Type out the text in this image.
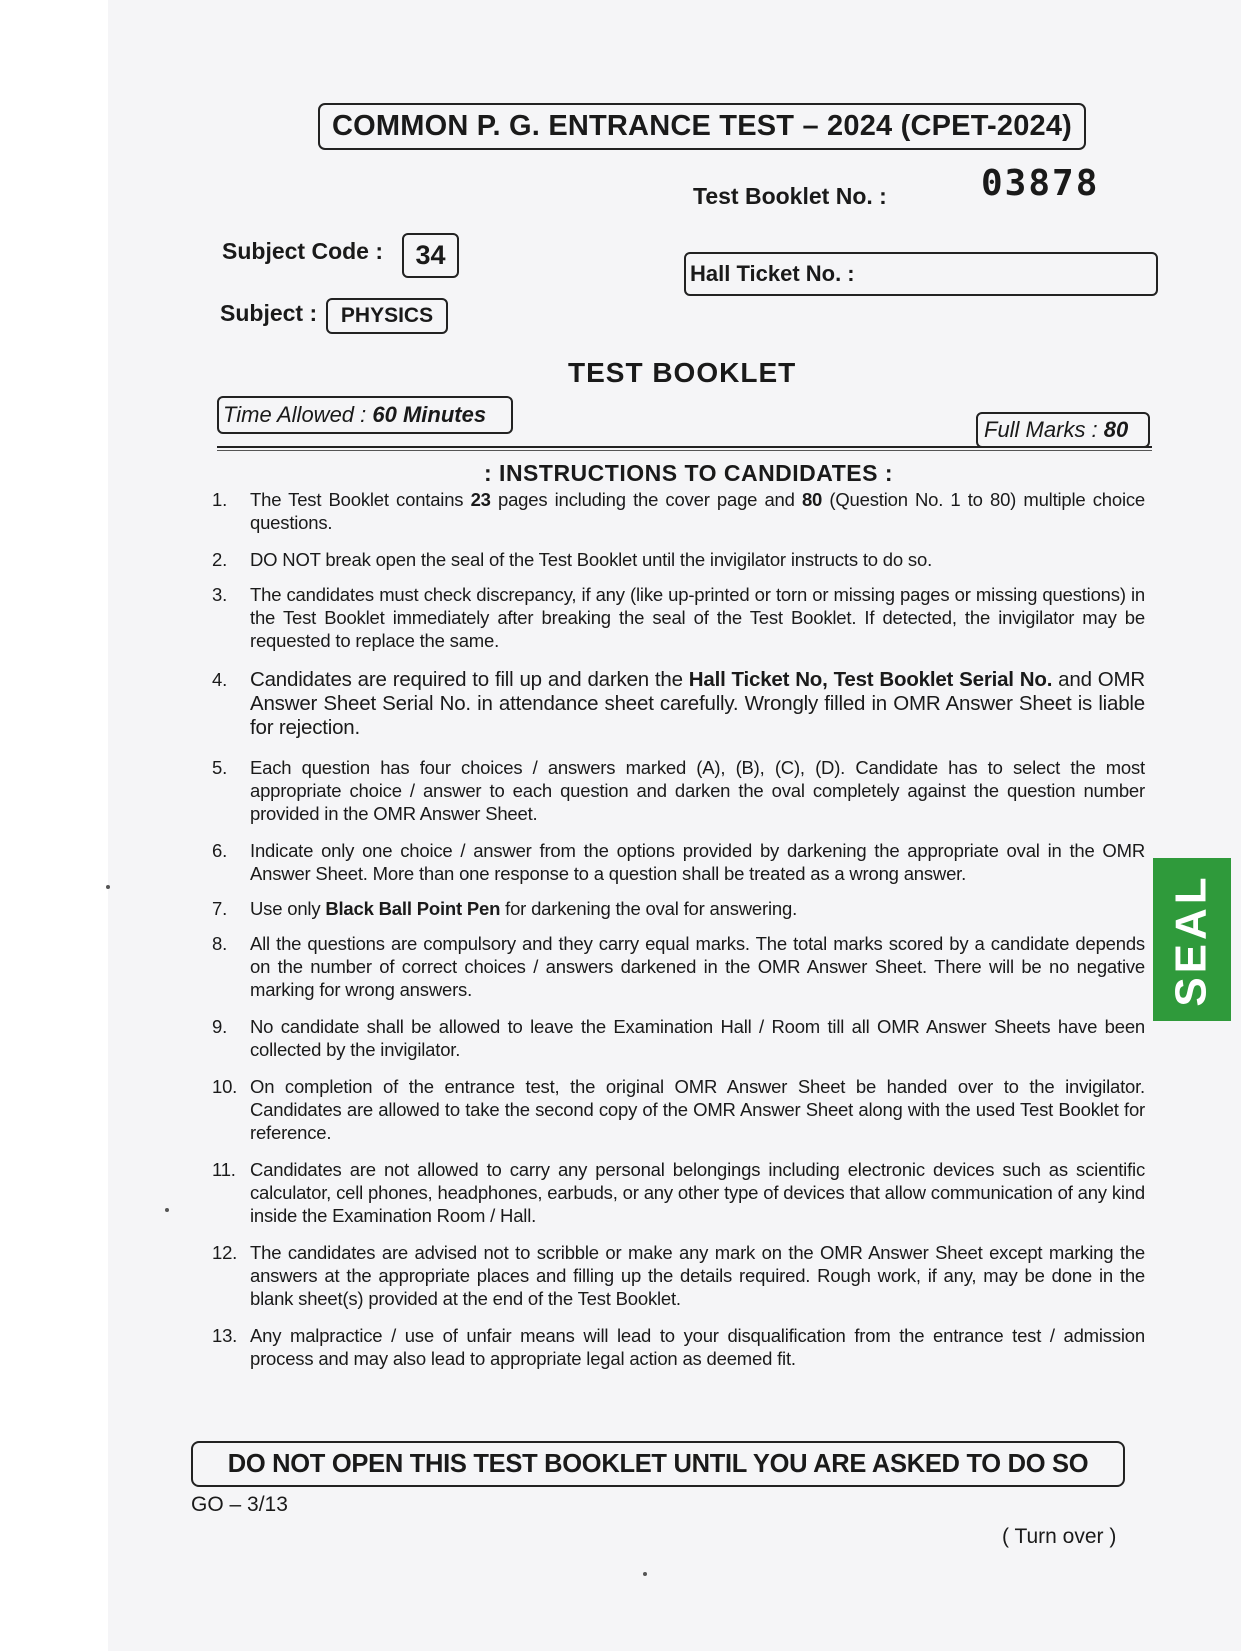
COMMON P. G. ENTRANCE TEST – 2024 (CPET-2024)
Test Booklet No. :	03878
Subject Code :	34
Hall Ticket No. :
Subject :	PHYSICS
TEST BOOKLET
Time Allowed : 60 Minutes
Full Marks : 80
: INSTRUCTIONS TO CANDIDATES :
1.	The Test Booklet contains 23 pages including the cover page and 80 (Question No. 1 to 80) multiple choice questions.
2.	DO NOT break open the seal of the Test Booklet until the invigilator instructs to do so.
3.	The candidates must check discrepancy, if any (like up-printed or torn or missing pages or missing questions) in the Test Booklet immediately after breaking the seal of the Test Booklet. If detected, the invigilator may be requested to replace the same.
4.	Candidates are required to fill up and darken the Hall Ticket No, Test Booklet Serial No. and OMR Answer Sheet Serial No. in attendance sheet carefully. Wrongly filled in OMR Answer Sheet is liable for rejection.
5.	Each question has four choices / answers marked (A), (B), (C), (D). Candidate has to select the most appropriate choice / answer to each question and darken the oval completely against the question number provided in the OMR Answer Sheet.
6.	Indicate only one choice / answer from the options provided by darkening the appropriate oval in the OMR Answer Sheet. More than one response to a question shall be treated as a wrong answer.
7.	Use only Black Ball Point Pen for darkening the oval for answering.
8.	All the questions are compulsory and they carry equal marks. The total marks scored by a candidate depends on the number of correct choices / answers darkened in the OMR Answer Sheet. There will be no negative marking for wrong answers.
9.	No candidate shall be allowed to leave the Examination Hall / Room till all OMR Answer Sheets have been collected by the invigilator.
10. On completion of the entrance test, the original OMR Answer Sheet be handed over to the invigilator. Candidates are allowed to take the second copy of the OMR Answer Sheet along with the used Test Booklet for reference.
11. Candidates are not allowed to carry any personal belongings including electronic devices such as scientific calculator, cell phones, headphones, earbuds, or any other type of devices that allow communication of any kind inside the Examination Room / Hall.
12. The candidates are advised not to scribble or make any mark on the OMR Answer Sheet except marking the answers at the appropriate places and filling up the details required. Rough work, if any, may be done in the blank sheet(s) provided at the end of the Test Booklet.
13. Any malpractice / use of unfair means will lead to your disqualification from the entrance test / admission process and may also lead to appropriate legal action as deemed fit.
DO NOT OPEN THIS TEST BOOKLET UNTIL YOU ARE ASKED TO DO SO
GO – 3/13
( Turn over )
SEAL
